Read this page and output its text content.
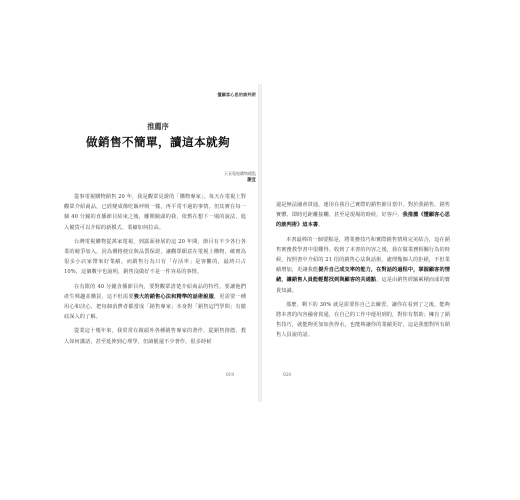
懂顧客心思的談判術
推薦序
做銷售不簡單，讀這本就夠
天長電視購物總監
謝宜

從事電視購物銷售 20 年，我是觀眾見證的「購物專家」。每天在電視上對觀眾介紹商品，已經變成像吃飯呼吸一樣，再平常不過的事情。但其實在每一個 40 分鐘的直播節目結束之後，離開鏡頭的我，依舊在想下一場的說法，進入備貨可以介紹的新模式，業績如何拉高。

台灣電視購物從萬家電視，到露面發展的這 20 年間，節目有不少各行各業的競爭加入，因為價格便宜與品質保證，讓觀眾願意在電視上購物，確實為很多小店家帶來好業績。而銷售行為只有「存活率」是客觀的，最終只占 10%，這個數字也說明，銷售沒做好不是一件容易的事情。

在有限的 40 分鐘直播節目內，要對觀眾清楚介紹商品的特性，要讓他們產生興趣並購買，這不但需要強大的銷售心法和精準的話術說服，更需要一種用心和決心，把每個消費者都當成「銷售專家」本身對「銷售這門學問」有徹底深入的了解。

從業這十幾年來，我常常在鏡頭外各種銷售專家的著作，從銷售推薦、教人如何講話，甚至延伸到心理學，但讀罷還不少著作，很多時候

還是無法融會貫通，運用在我自己實際的銷售節目當中。對於我銷售，銷售實體、即時近距離接觸，甚至是現場的時候，好客戶。我推薦《懂顧客心思的談判術》這本書。

本書最棒的一個要點是，將業務技巧和實際銷售情境完美結合，這在銷售實務教學書中很難得。收到了本書的內容之後，我在做業務相關行為的時候，按照書中介紹的 21 招的銷售心法與話術，處理幾個人的拒絕，不但業績增加，更讓我能提升自己成交率的能力，在對話的過程中，掌握顧客的情緒，讓銷售人員能輕鬆找到與顧客的共通點，這是由銷售經驗累積而成的寶貴知識。

那麼，剩下的 30% 就是需要你自己去練習。讓你在看到了之後，能夠將本書的內容融會貫通，在自己的工作中運用到的，對你有幫助；擁有了銷售技巧，就能夠更加如魚得水，也能夠讓你的業績更好，這是我想對所有銷售人員說的話。

019	020
